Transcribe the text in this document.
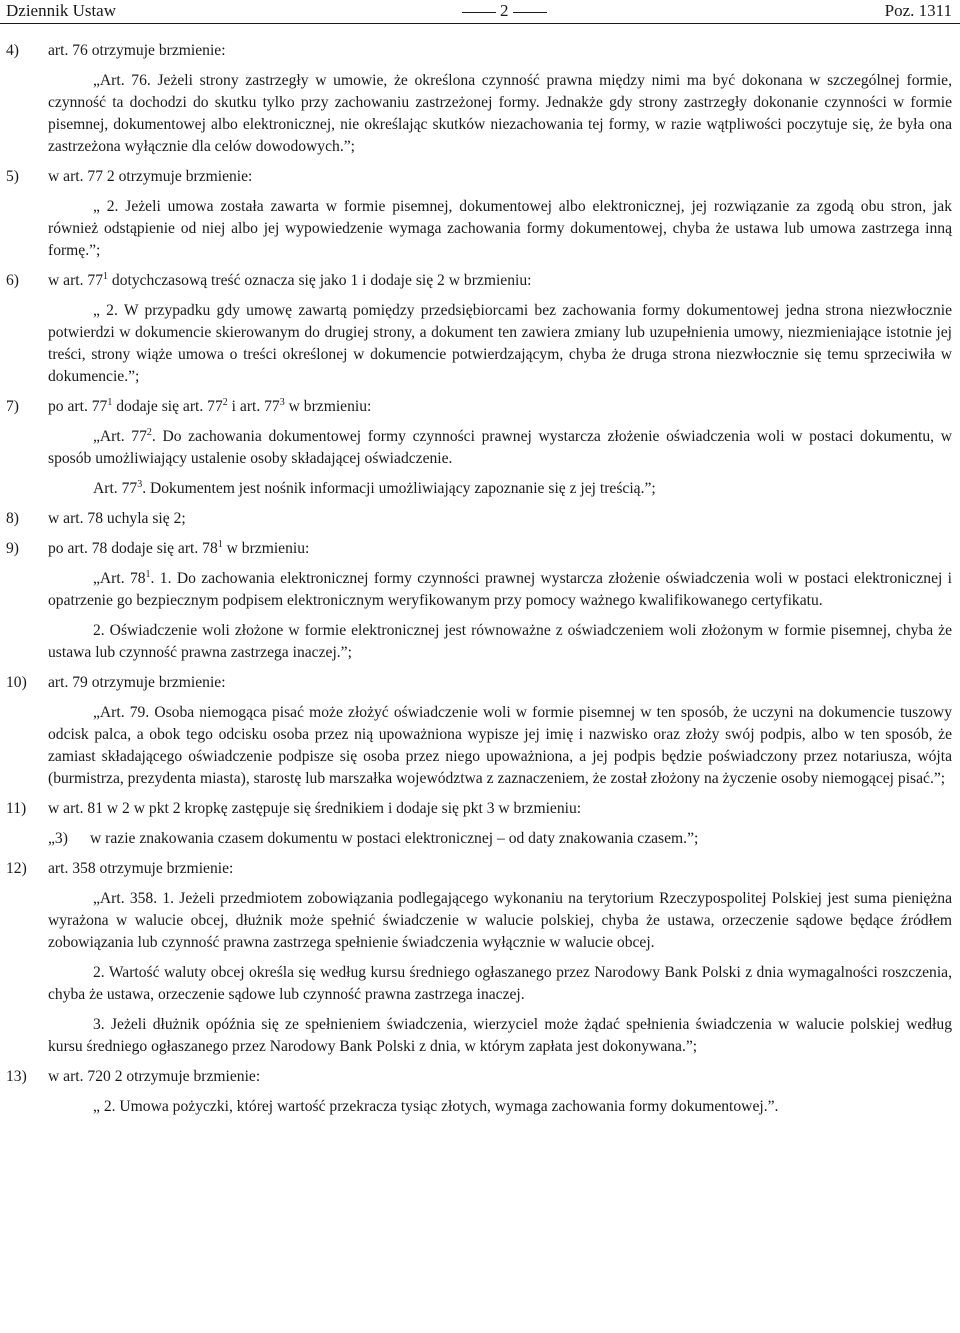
Dziennik Ustaw	2	Poz. 1311
4)	art. 76 otrzymuje brzmienie:

„Art. 76. Jeżeli strony zastrzegły w umowie, że określona czynność prawna między nimi ma być dokonana w szczególnej formie, czynność ta dochodzi do skutku tylko przy zachowaniu zastrzeżonej formy. Jednakże gdy strony zastrzegły dokonanie czynności w formie pisemnej, dokumentowej albo elektronicznej, nie określając skutków niezachowania tej formy, w razie wątpliwości poczytuje się, że była ona zastrzeżona wyłącznie dla celów dowodowych.”;

5)	w art. 77 2 otrzymuje brzmienie:

„ 2. Jeżeli umowa została zawarta w formie pisemnej, dokumentowej albo elektronicznej, jej rozwiązanie za zgodą obu stron, jak również odstąpienie od niej albo jej wypowiedzenie wymaga zachowania formy dokumentowej, chyba że ustawa lub umowa zastrzega inną formę.”;

6)	w art. $77^1$ dotychczasową treść oznacza się jako 1 i dodaje się 2 w brzmieniu:

„ 2. W przypadku gdy umowę zawartą pomiędzy przedsiębiorcami bez zachowania formy dokumentowej jedna strona niezwłocznie potwierdzi w dokumencie skierowanym do drugiej strony, a dokument ten zawiera zmiany lub uzupełnienia umowy, niezmieniające istotnie jej treści, strony wiąże umowa o treści określonej w dokumencie potwierdzającym, chyba że druga strona niezwłocznie się temu sprzeciwiła w dokumencie.”;

7)	po art. $77^1$ dodaje się art. $77^2$ i art. $77^3$ w brzmieniu:

„Art. $77^2$. Do zachowania dokumentowej formy czynności prawnej wystarcza złożenie oświadczenia woli w postaci dokumentu, w sposób umożliwiający ustalenie osoby składającej oświadczenie.

Art. $77^3$. Dokumentem jest nośnik informacji umożliwiający zapoznanie się z jej treścią.”;

8)	w art. 78 uchyla się 2;
9)	po art. 78 dodaje się art. $78^1$ w brzmieniu:

„Art. $78^1$. 1. Do zachowania elektronicznej formy czynności prawnej wystarcza złożenie oświadczenia woli w postaci elektronicznej i opatrzenie go bezpiecznym podpisem elektronicznym weryfikowanym przy pomocy ważnego kwalifikowanego certyfikatu.

2. Oświadczenie woli złożone w formie elektronicznej jest równoważne z oświadczeniem woli złożonym w formie pisemnej, chyba że ustawa lub czynność prawna zastrzega inaczej.”;

10)	art. 79 otrzymuje brzmienie:

„Art. 79. Osoba niemogąca pisać może złożyć oświadczenie woli w formie pisemnej w ten sposób, że uczyni na dokumencie tuszowy odcisk palca, a obok tego odcisku osoba przez nią upoważniona wypisze jej imię i nazwisko oraz złoży swój podpis, albo w ten sposób, że zamiast składającego oświadczenie podpisze się osoba przez niego upoważniona, a jej podpis będzie poświadczony przez notariusza, wójta (burmistrza, prezydenta miasta), starostę lub marszałka województwa z zaznaczeniem, że został złożony na życzenie osoby niemogącej pisać.”;

11)	w art. 81 w 2 w pkt 2 kropkę zastępuje się średnikiem i dodaje się pkt 3 w brzmieniu:
„3) w razie znakowania czasem dokumentu w postaci elektronicznej – od daty znakowania czasem.”;
12)	art. 358 otrzymuje brzmienie:

„Art. 358. 1. Jeżeli przedmiotem zobowiązania podlegającego wykonaniu na terytorium Rzeczypospolitej Polskiej jest suma pieniężna wyrażona w walucie obcej, dłużnik może spełnić świadczenie w walucie polskiej, chyba że ustawa, orzeczenie sądowe będące źródłem zobowiązania lub czynność prawna zastrzega spełnienie świadczenia wyłącznie w walucie obcej.

2. Wartość waluty obcej określa się według kursu średniego ogłaszanego przez Narodowy Bank Polski z dnia wymagalności roszczenia, chyba że ustawa, orzeczenie sądowe lub czynność prawna zastrzega inaczej.

3. Jeżeli dłużnik opóźnia się ze spełnieniem świadczenia, wierzyciel może żądać spełnienia świadczenia w walucie polskiej według kursu średniego ogłaszanego przez Narodowy Bank Polski z dnia, w którym zapłata jest dokonywana.”;

13)	w art. 720 2 otrzymuje brzmienie:

„ 2. Umowa pożyczki, której wartość przekracza tysiąc złotych, wymaga zachowania formy dokumentowej.”.
